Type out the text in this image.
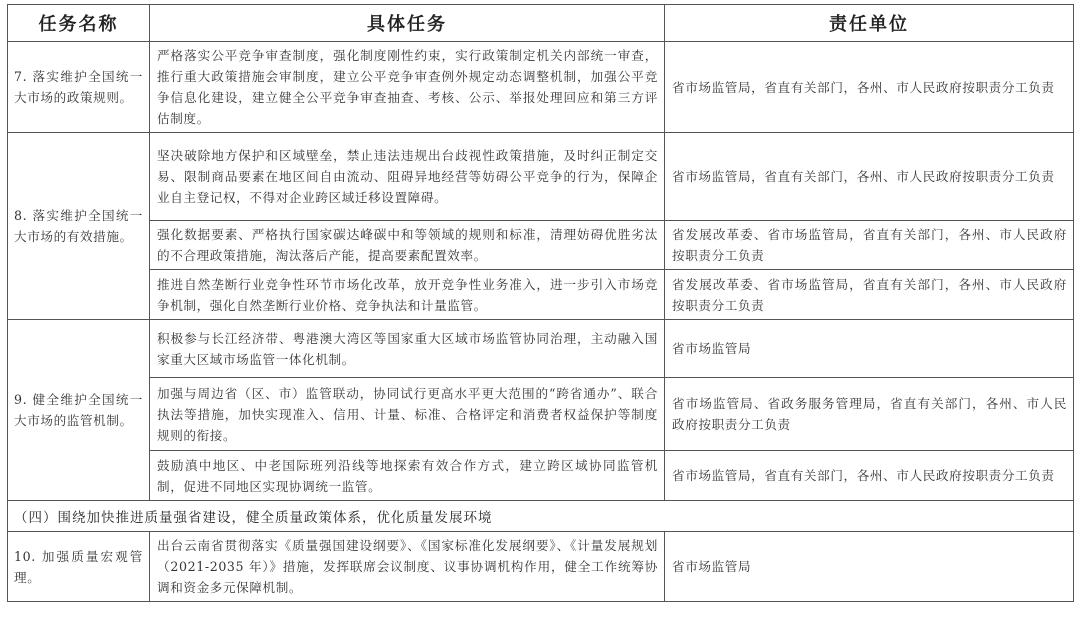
任务名称	具体任务	责任单位
7. 落实维护全国统一大市场的政策规则。	严格落实公平竞争审查制度，强化制度刚性约束，实行政策制定机关内部统一审查，推行重大政策措施会审制度，建立公平竞争审查例外规定动态调整机制，加强公平竞争信息化建设，建立健全公平竞争审查抽查、考核、公示、举报处理回应和第三方评估制度。	省市场监管局，省直有关部门，各州、市人民政府按职责分工负责
8. 落实维护全国统一大市场的有效措施。	坚决破除地方保护和区域壁垒，禁止违法违规出台歧视性政策措施，及时纠正制定交易、限制商品要素在地区间自由流动、阻碍异地经营等妨碍公平竞争的行为，保障企业自主登记权，不得对企业跨区域迁移设置障碍。	省市场监管局，省直有关部门，各州、市人民政府按职责分工负责
	强化数据要素、严格执行国家碳达峰碳中和等领域的规则和标准，清理妨碍优胜劣汰的不合理政策措施，淘汰落后产能，提高要素配置效率。	省发展改革委、省市场监管局，省直有关部门，各州、市人民政府按职责分工负责
	推进自然垄断行业竞争性环节市场化改革，放开竞争性业务准入，进一步引入市场竞争机制，强化自然垄断行业价格、竞争执法和计量监管。	省发展改革委、省市场监管局，省直有关部门，各州、市人民政府按职责分工负责
9. 健全维护全国统一大市场的监管机制。	积极参与长江经济带、粤港澳大湾区等国家重大区域市场监管协同治理，主动融入国家重大区域市场监管一体化机制。	省市场监管局
	加强与周边省（区、市）监管联动，协同试行更高水平更大范围的“跨省通办”、联合执法等措施，加快实现准入、信用、计量、标准、合格评定和消费者权益保护等制度规则的衔接。	省市场监管局、省政务服务管理局，省直有关部门，各州、市人民政府按职责分工负责
	鼓励滇中地区、中老国际班列沿线等地探索有效合作方式，建立跨区域协同监管机制，促进不同地区实现协调统一监管。	省市场监管局，省直有关部门，各州、市人民政府按职责分工负责
（四）围绕加快推进质量强省建设，健全质量政策体系，优化质量发展环境		
10. 加强质量宏观管理。	出台云南省贯彻落实《质量强国建设纲要》、《国家标准化发展纲要》、《计量发展规划（2021-2035 年）》措施，发挥联席会议制度、议事协调机构作用，健全工作统筹协调和资金多元保障机制。	省市场监管局
